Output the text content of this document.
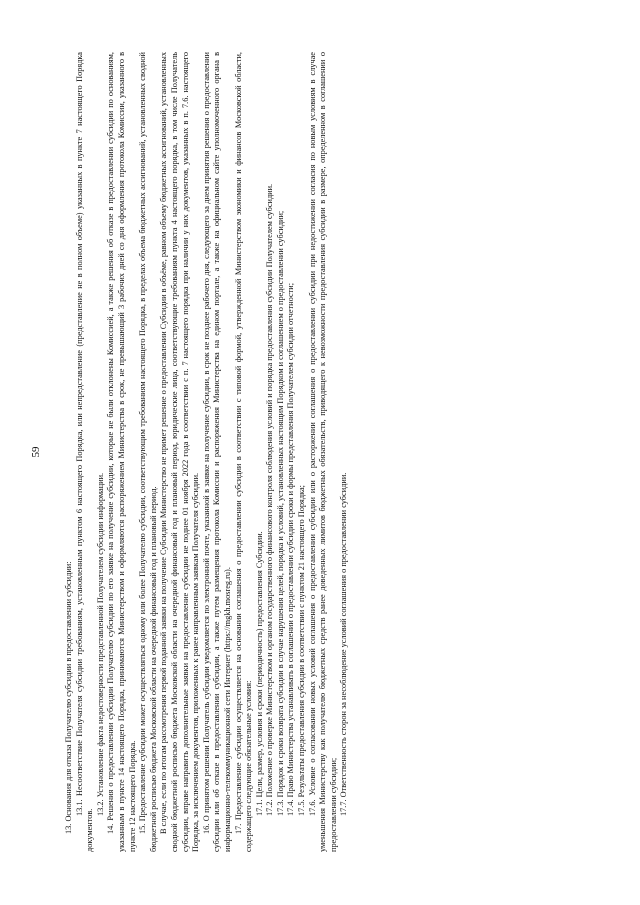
59

13. Основания для отказа Получателю субсидии в предоставлении субсидии: 13.1. Несоответствие Получателя субсидии требованиям, установленным пунктом 6 настоящего Порядка, или непредставление (представление не в полном объеме) указанных в пункте 7 настоящего Порядка документов.

13.2. Установление факта недостоверности представленной Получателем субсидии информации. 14. Решения о предоставлении субсидии Получателю субсидии по его заявке на получение субсидии, которые не были отклонены Комиссией, а также решения об отказе в предоставлении субсидии по основаниям, указанным в пункте 14 настоящего Порядка, принимаются Министерством и оформляются распоряжением Министерства в срок, не превышающий 3 рабочих дней со дня оформления протокола Комиссии, указанного в пункте 12 настоящего Порядка. 15. Предоставление субсидии может осуществляться одному или более Получателю субсидии, соответствующим требованиям настоящего Порядка, в пределах объема бюджетных ассигнований, установленных сводной бюджетной росписью бюджета Московской области на очередной финансовый год и плановый период. В случае, если по итогам рассмотрения первой поданной заявки на получение Субсидии Министерство не примет решение о предоставлении Субсидии в объёме, равном объему бюджетных ассигнований, установленных сводной бюджетной росписью бюджета Московской области на очередной финансовый год и плановый период, юридические лица, соответствующие требованиям пункта 4 настоящего порядка, в том числе Получатель субсидии, вправе направить дополнительные заявки на предоставление субсидии не поднее 01 ноября 2022 года в соответствии с п. 7 настоящего порядка при наличии у них документов, указанных в п. 7.6. настоящего Порядка, за исключением документов, приложенных к ранее направленным заявкам Получателя субсидии. 16. О принятом решении Получатель субсидии уведомляется по электронной почте, указанной в заявке на получение субсидии, в срок не позднее рабочего дня, следующего за днем принятия решения о предоставлении субсидии или об отказе в предоставлении субсидии, а также путем размещения протокола Комиссии и распоряжения Министерства на едином портале, а также на официальном сайте уполномоченного органа в информационно-телекоммуникационной сети Интернет (https://mgkh.mosreg.ru). 17. Предоставление субсидии осуществляется на основании соглашения о предоставлении субсидии в соответствии с типовой формой, утвержденной Министерством экономики и финансов Московской области, содержащего следующие обязательные условия: 17.1. Цели, размер, условия и сроки (периодичность) предоставления Субсидии. 17.2. Положение о проверке Министерством и органом государственного финансового контроля соблюдения условий и порядка предоставления субсидии Получателем субсидии. 17.3. Порядок и сроки возврата субсидии в случае нарушения целей, порядка и условий, установленных настоящим Порядком и соглашением о предоставлении субсидии; 17.4. Право Министерства устанавливать в соглашении о предоставлении субсидии сроки и формы представления Получателем субсидии отчетности; 17.5. Результаты предоставления субсидии в соответствии с пунктом 21 настоящего Порядка; 17.6. Условие о согласовании новых условий соглашения о предоставлении субсидии или о расторжении соглашения о предоставлении субсидии при недостижении согласия по новым условиям в случае уменьшения Министерству как получателю бюджетных средств ранее доведенных лимитов бюджетных обязательств, приводящего к невозможности предоставления субсидии в размере, определенном в соглашении о предоставлении субсидии; 17.7. Ответственность сторон за несоблюдение условий соглашения о предоставлении субсидии.
